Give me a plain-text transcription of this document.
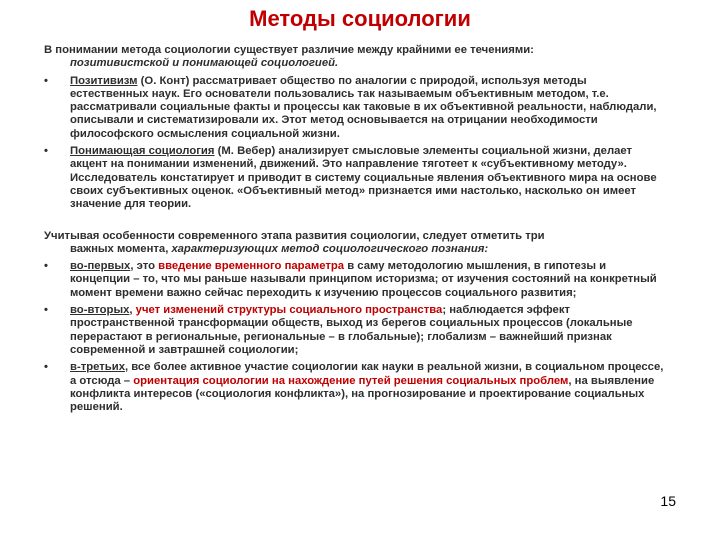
Методы социологии

В понимании метода социологии существует различие между крайними ее течениями:
позитивистской и понимающей социологией.

•	Позитивизм (О. Конт) рассматривает общество по аналогии с природой, используя методы естественных наук. Его основатели пользовались так называемым объективным методом, т.е. рассматривали социальные факты и процессы как таковые в их объективной реальности, наблюдали, описывали и систематизировали их. Этот метод основывается на отрицании необходимости философского осмысления социальной жизни.
•	Понимающая социология (М. Вебер) анализирует смысловые элементы социальной жизни, делает акцент на понимании изменений, движений. Это направление тяготеет к «субъективному методу». Исследователь констатирует и приводит в систему социальные явления объективного мира на основе своих субъективных оценок. «Объективный метод» признается ими настолько, насколько он имеет значение для теории.

Учитывая особенности современного этапа развития социологии, следует отметить три
важных момента, характеризующих метод социологического познания:

•	во-первых, это введение временного параметра в саму методологию мышления, в гипотезы и концепции – то, что мы раньше называли принципом историзма; от изучения состояний на конкретный момент времени важно сейчас переходить к изучению процессов социального развития;
•	во-вторых, учет изменений структуры социального пространства; наблюдается эффект пространственной трансформации обществ, выход из берегов социальных процессов (локальные перерастают в региональные, региональные – в глобальные); глобализм – важнейший признак современной и завтрашней социологии;
•	в-третьих, все более активное участие социологии как науки в реальной жизни, в социальном процессе, а отсюда – ориентация социологии на нахождение путей решения социальных проблем, на выявление конфликта интересов («социология конфликта»), на прогнозирование и проектирование социальных решений.
15
